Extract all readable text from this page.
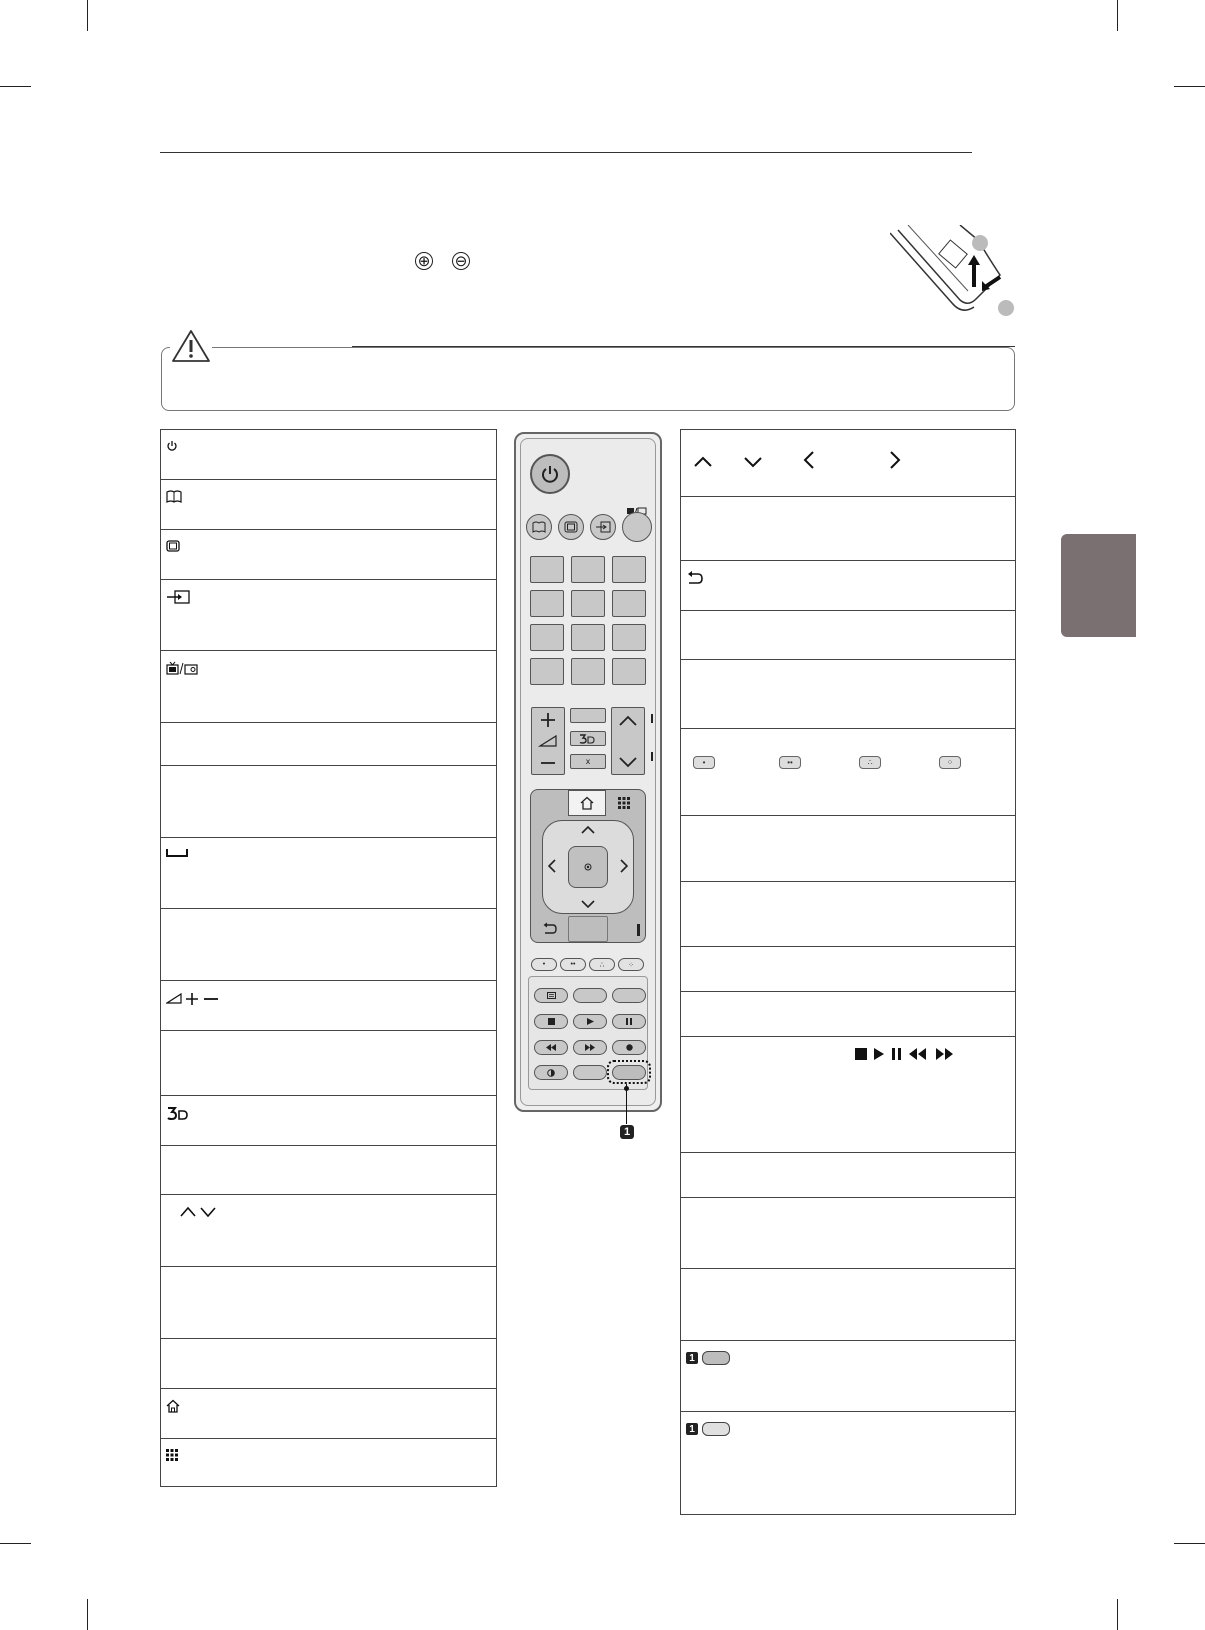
⊕ ⊖
•	••	∴	⁘
1
1
ⅹ
•	••	∴	⁘
1
